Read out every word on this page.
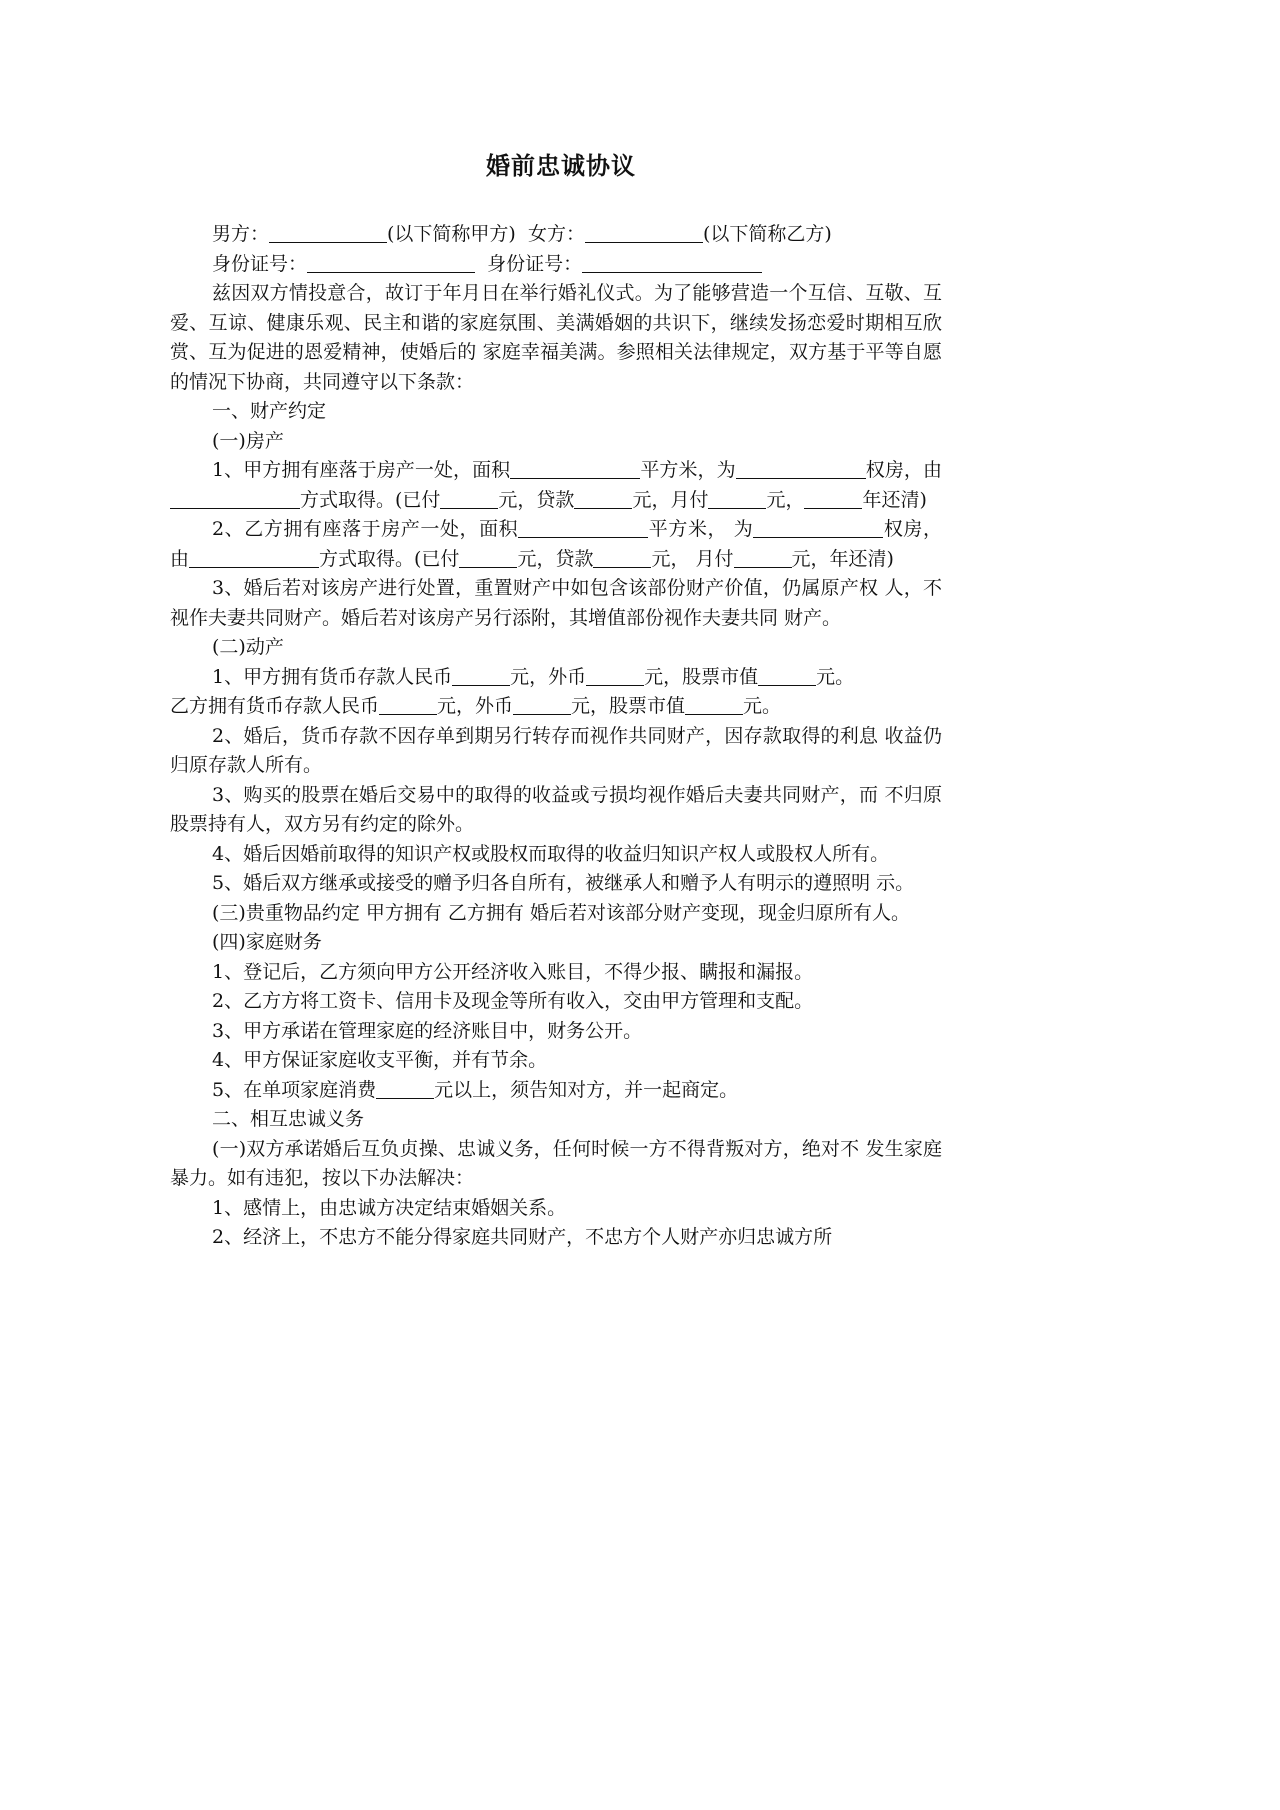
婚前忠诚协议

男方：	(以下简称甲方) 女方：	(以下简称乙方)

身份证号：	身份证号：

兹因双方情投意合，故订于年月日在举行婚礼仪式。为了能够营造一个互信、互敬、互爱、互谅、健康乐观、民主和谐的家庭氛围、美满婚姻的共识下，继续发扬恋爱时期相互欣赏、互为促进的恩爱精神，使婚后的 家庭幸福美满。参照相关法律规定，双方基于平等自愿的情况下协商，共同遵守以下条款：

一、财产约定

(一)房产

1、甲方拥有座落于房产一处，面积	平方米，为	权房，由方式取得。(已付	元，贷款	元，月付	元，	年还清)

2、乙方拥有座落于房产一处，面积	平方米， 为	权房，由	方式取得。(已付	元，贷款	元， 月付	元，年还清)

3、婚后若对该房产进行处置，重置财产中如包含该部份财产价值，仍属原产权 人，不视作夫妻共同财产。婚后若对该房产另行添附，其增值部份视作夫妻共同 财产。

(二)动产

1、甲方拥有货币存款人民币	元，外币	元，股票市值	元。

乙方拥有货币存款人民币	元，外币	元，股票市值	元。

2、婚后，货币存款不因存单到期另行转存而视作共同财产，因存款取得的利息 收益仍归原存款人所有。

3、购买的股票在婚后交易中的取得的收益或亏损均视作婚后夫妻共同财产，而 不归原股票持有人，双方另有约定的除外。

4、婚后因婚前取得的知识产权或股权而取得的收益归知识产权人或股权人所有。

5、婚后双方继承或接受的赠予归各自所有，被继承人和赠予人有明示的遵照明 示。

(三)贵重物品约定 甲方拥有 乙方拥有 婚后若对该部分财产变现，现金归原所有人。

(四)家庭财务

1、登记后，乙方须向甲方公开经济收入账目，不得少报、瞒报和漏报。

2、乙方方将工资卡、信用卡及现金等所有收入，交由甲方管理和支配。

3、甲方承诺在管理家庭的经济账目中，财务公开。

4、甲方保证家庭收支平衡，并有节余。

5、在单项家庭消费	元以上，须告知对方，并一起商定。

二、相互忠诚义务

(一)双方承诺婚后互负贞操、忠诚义务，任何时候一方不得背叛对方，绝对不 发生家庭暴力。如有违犯，按以下办法解决：

1、感情上，由忠诚方决定结束婚姻关系。

2、经济上，不忠方不能分得家庭共同财产，不忠方个人财产亦归忠诚方所
